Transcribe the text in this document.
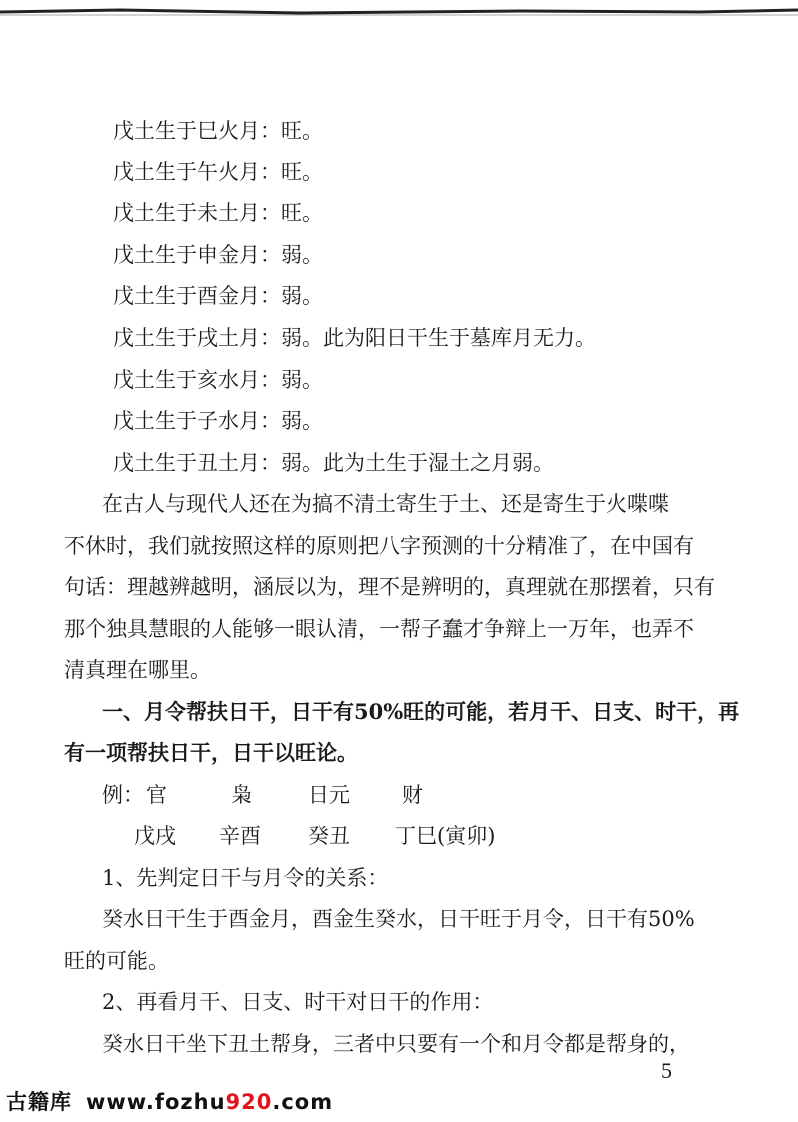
戊土生于巳火月：旺。
戊土生于午火月：旺。
戊土生于未土月：旺。
戊土生于申金月：弱。
戊土生于酉金月：弱。
戊土生于戌土月：弱。此为阳日干生于墓库月无力。
戊土生于亥水月：弱。
戊土生于子水月：弱。
戊土生于丑土月：弱。此为土生于湿土之月弱。
在古人与现代人还在为搞不清土寄生于土、还是寄生于火喋喋
不休时，我们就按照这样的原则把八字预测的十分精准了，在中国有
句话：理越辨越明，涵辰以为，理不是辨明的，真理就在那摆着，只有
那个独具慧眼的人能够一眼认清，一帮子蠢才争辩上一万年，也弄不
清真理在哪里。
一、月令帮扶日干，日干有50%旺的可能，若月干、日支、时干，再
有一项帮扶日干，日干以旺论。
例： 官	枭	日元 财
戊戌 辛酉 癸丑 丁巳(寅卯)
1、先判定日干与月令的关系：
癸水日干生于酉金月，酉金生癸水，日干旺于月令，日干有50%
旺的可能。
2、再看月干、日支、时干对日干的作用：
癸水日干坐下丑土帮身，三者中只要有一个和月令都是帮身的，
5
古籍库 www.fozhu920.com
